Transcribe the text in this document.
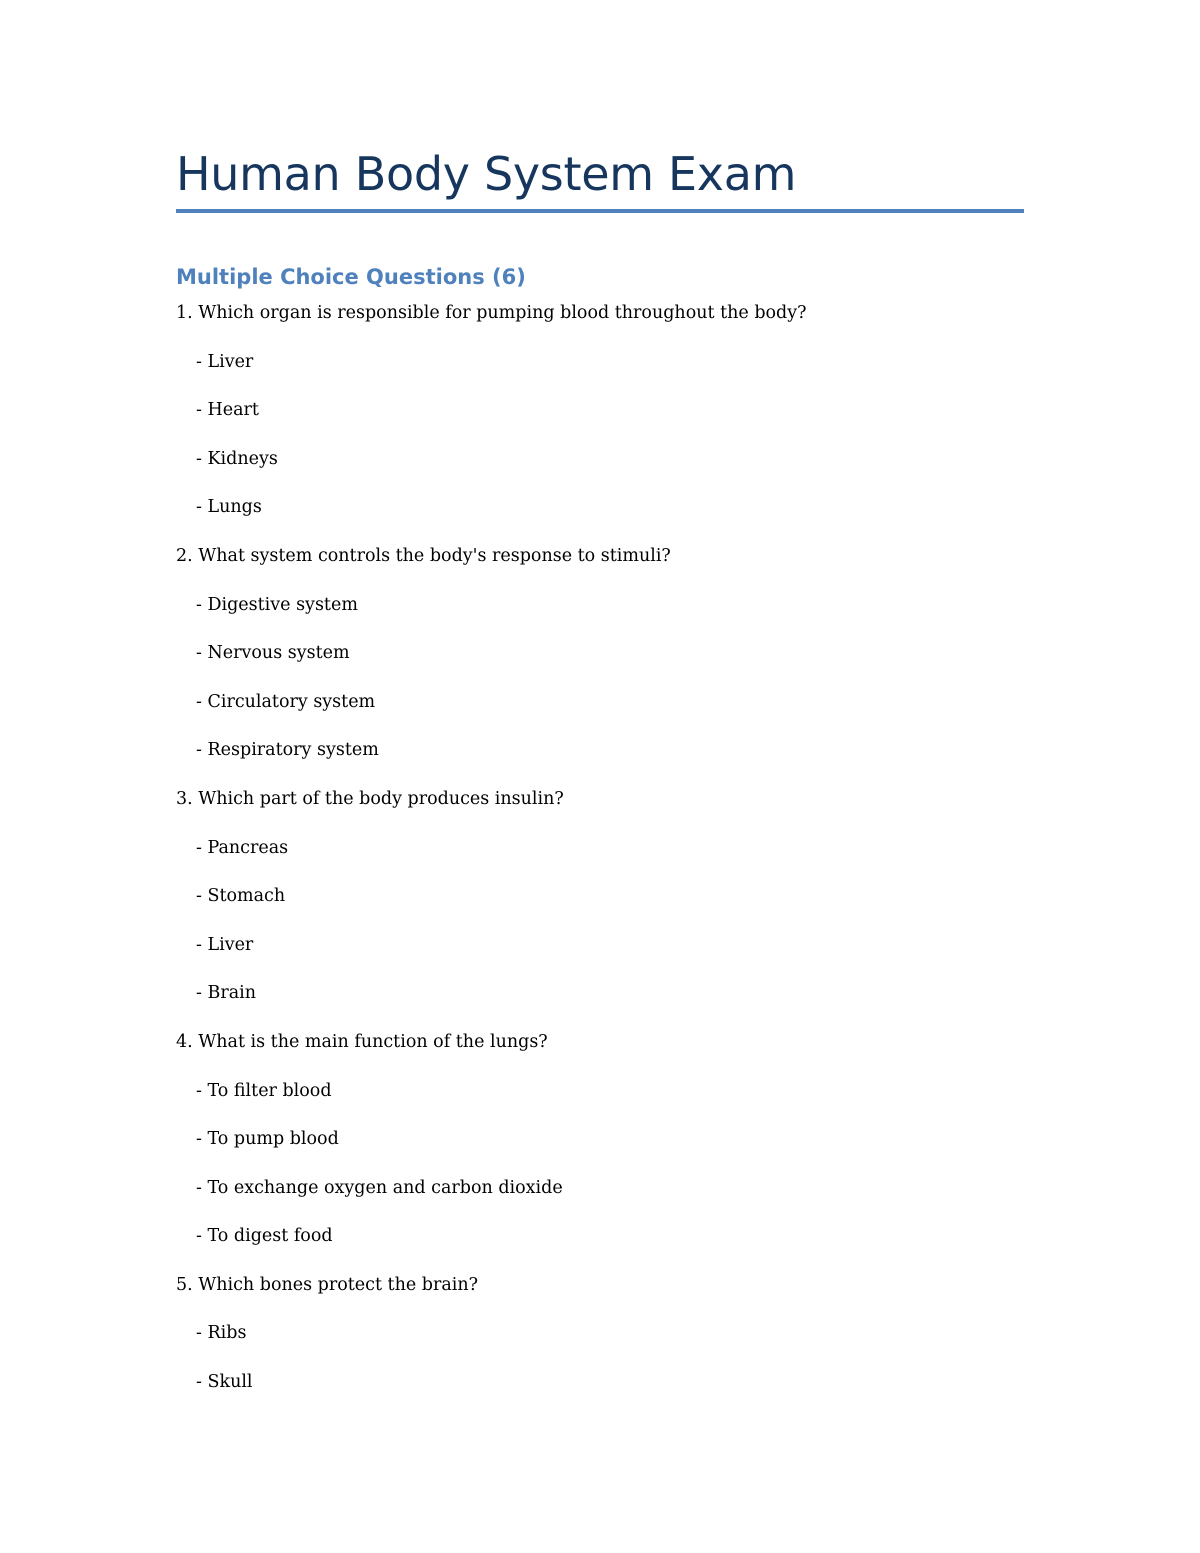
Human Body System Exam
Multiple Choice Questions (6)
1. Which organ is responsible for pumping blood throughout the body?
- Liver
- Heart
- Kidneys
- Lungs
2. What system controls the body's response to stimuli?
- Digestive system
- Nervous system
- Circulatory system
- Respiratory system
3. Which part of the body produces insulin?
- Pancreas
- Stomach
- Liver
- Brain
4. What is the main function of the lungs?
- To filter blood
- To pump blood
- To exchange oxygen and carbon dioxide
- To digest food
5. Which bones protect the brain?
- Ribs
- Skull
